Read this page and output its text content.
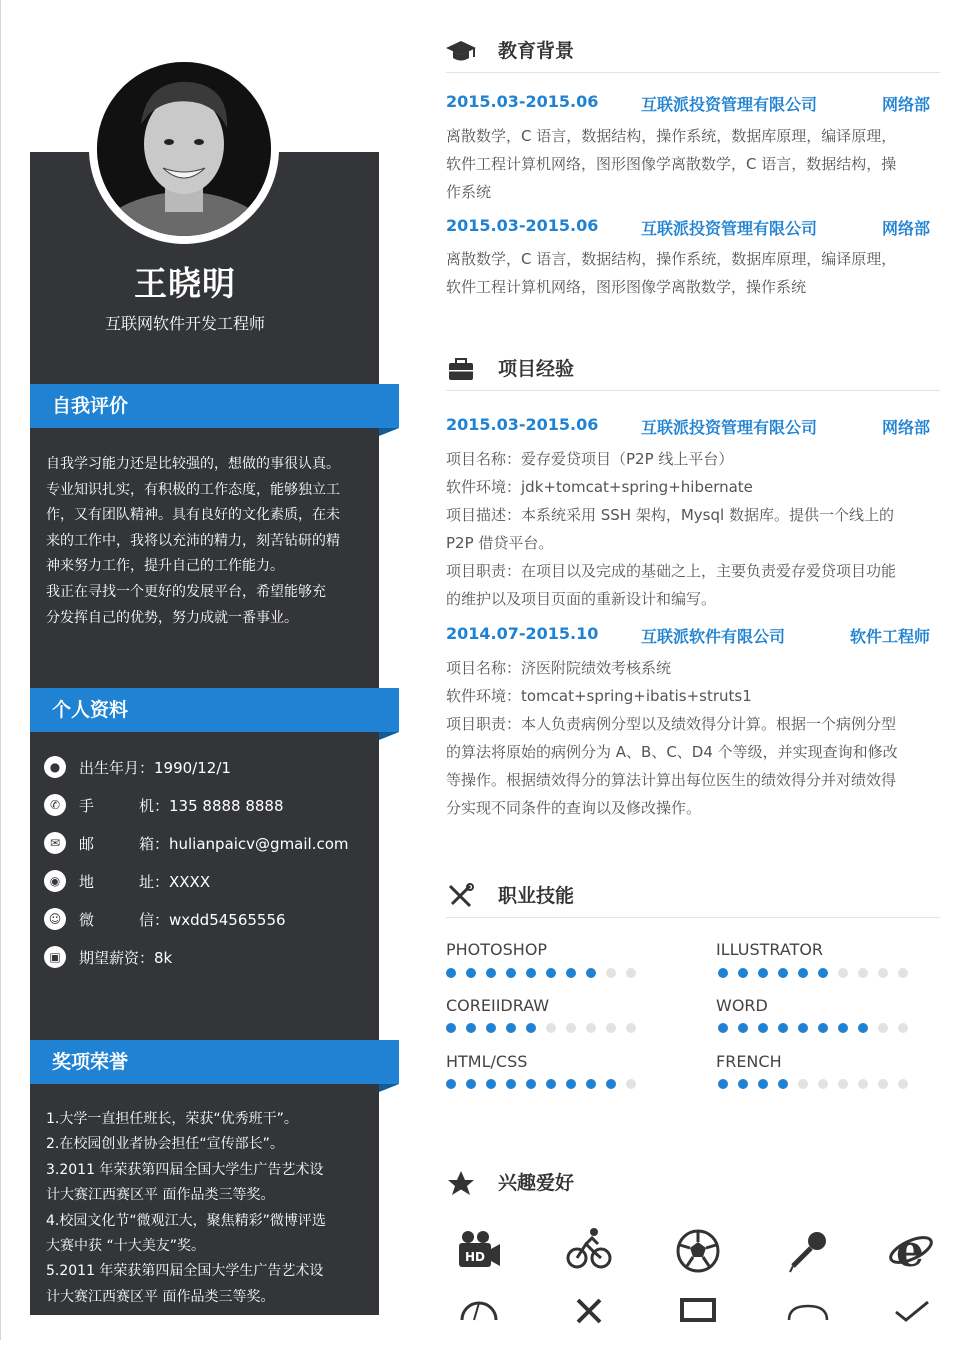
王晓明
互联网软件开发工程师
自我评价

自我学习能力还是比较强的，想做的事很认真。

专业知识扎实，有积极的工作态度，能够独立工

作，又有团队精神。具有良好的文化素质，在未

来的工作中，我将以充沛的精力，刻苦钻研的精

神来努力工作，提升自己的工作能力。

我正在寻找一个更好的发展平台，希望能够充

分发挥自己的优势，努力成就一番事业。

个人资料
●	出生年月：1990/12/1
✆	手	机：135 8888 8888
✉	邮	箱：hulianpaicv@gmail.com
◉	地	址：XXXX
☺	微	信：wxdd54565556
▣	期望薪资：8k
奖项荣誉

1.大学一直担任班长，荣获“优秀班干”。

2.在校园创业者协会担任“宣传部长”。

3.2011 年荣获第四届全国大学生广告艺术设

计大赛江西赛区平 面作品类三等奖。

4.校园文化节“微观江大，聚焦精彩”微博评选

大赛中获 “十大美友”奖。

5.2011 年荣获第四届全国大学生广告艺术设

计大赛江西赛区平 面作品类三等奖。

教育背景
2015.03-2015.06	互联派投资管理有限公司	网络部

离散数学，C 语言，数据结构，操作系统，数据库原理，编译原理，

软件工程计算机网络，图形图像学离散数学，C 语言，数据结构，操

作系统

2015.03-2015.06	互联派投资管理有限公司	网络部

离散数学，C 语言，数据结构，操作系统，数据库原理，编译原理，

软件工程计算机网络，图形图像学离散数学，操作系统

项目经验
2015.03-2015.06	互联派投资管理有限公司	网络部

项目名称：爱存爱贷项目（P2P 线上平台）

软件环境：jdk+tomcat+spring+hibernate

项目描述：本系统采用 SSH 架构，Mysql 数据库。提供一个线上的

P2P 借贷平台。

项目职责：在项目以及完成的基础之上，主要负责爱存爱贷项目功能

的维护以及项目页面的重新设计和编写。

2014.07-2015.10	互联派软件有限公司	软件工程师

项目名称：济医附院绩效考核系统

软件环境：tomcat+spring+ibatis+struts1

项目职责：本人负责病例分型以及绩效得分计算。根据一个病例分型

的算法将原始的病例分为 A、B、C、D4 个等级，并实现查询和修改

等操作。根据绩效得分的算法计算出每位医生的绩效得分并对绩效得

分实现不同条件的查询以及修改操作。

职业技能
PHOTOSHOP	ILLUSTRATOR
COREIIDRAW	WORD
HTML/CSS	FRENCH
兴趣爱好
HD	e
